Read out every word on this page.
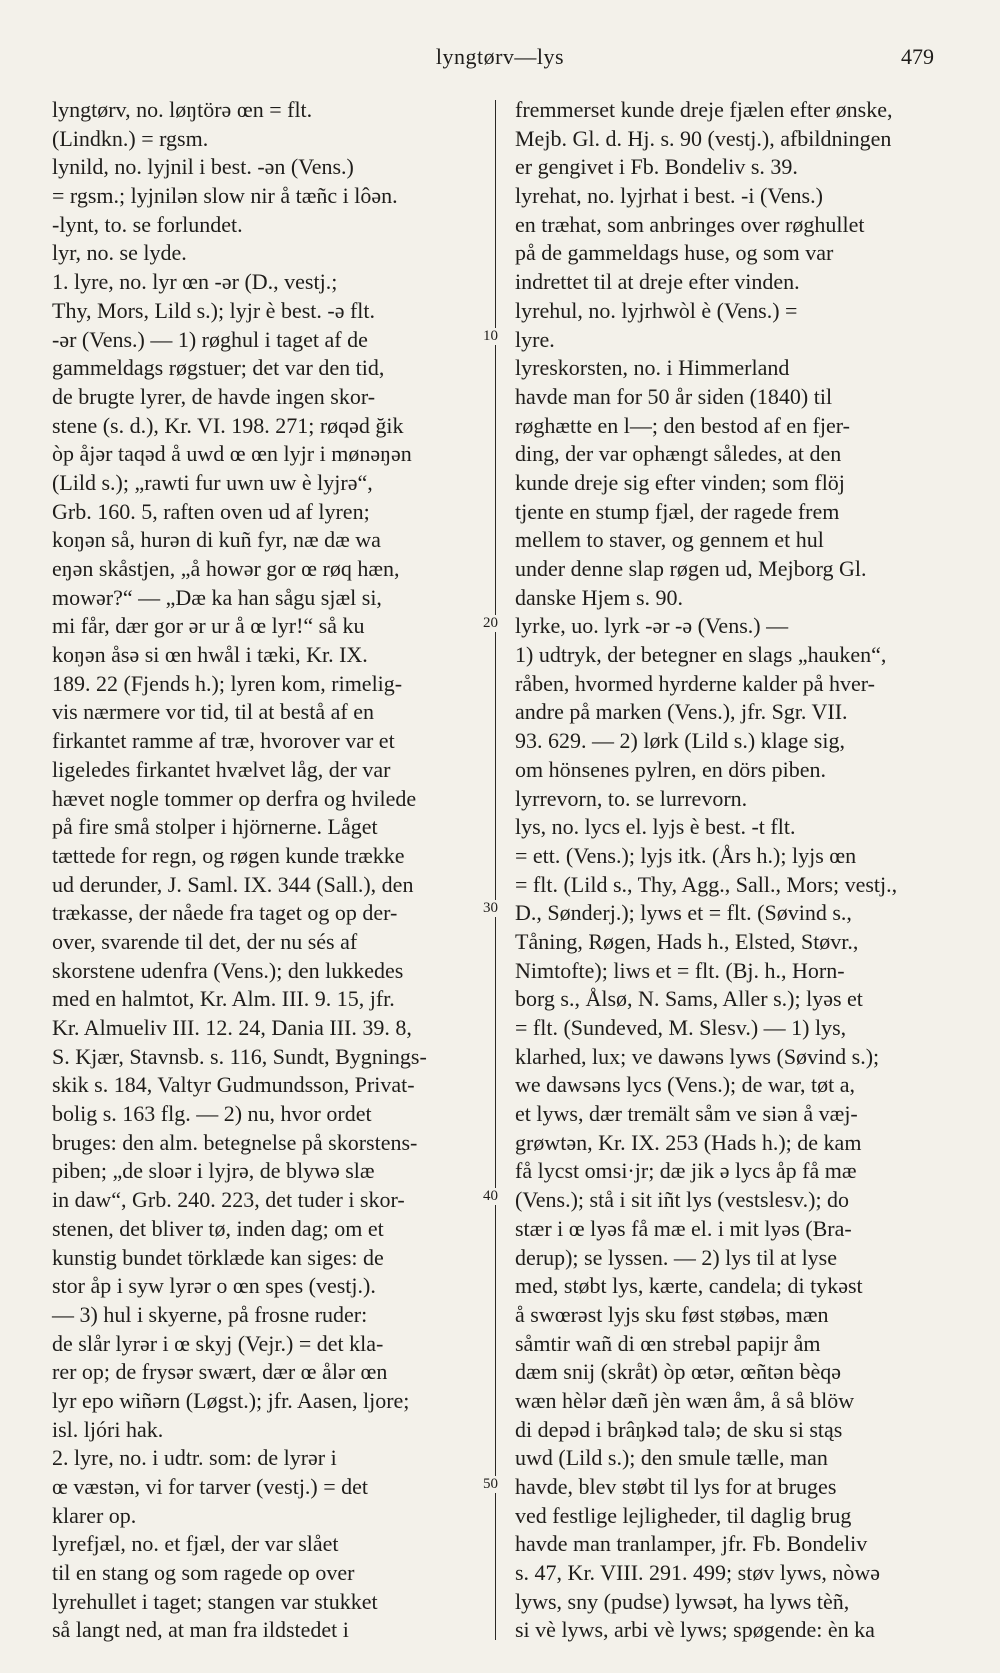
lyngtørv—lys	479
lyngtørv, no. løŋtörə œn = flt.
(Lindkn.) = rgsm.
lynild, no. lyjnil i best. -ən (Vens.)
= rgsm.; lyjnilən slow nir å tæñc i lôən.
-lynt, to. se forlundet.
lyr, no. se lyde.
1. lyre, no. lyr œn -ər (D., vestj.;
Thy, Mors, Lild s.); lyjr è best. -ə flt.
-ər (Vens.) — 1) røghul i taget af de
gammeldags røgstuer; det var den tid,
de brugte lyrer, de havde ingen skor-
stene (s. d.), Kr. VI. 198. 271; røqəd ğik
òp åjər taqəd å uwd œ œn lyjr i mønəŋən
(Lild s.); „rawti fur uwn uw è lyjrə“,
Grb. 160. 5, raften oven ud af lyren;
koŋən så, hurən di kuñ fyr, næ dæ wa
eŋən skåstjen, „å howər gor œ røq hæn,
mowər?“ — „Dæ ka han sågu sjæl si,
mi får, dær gor ər ur å œ lyr!“ så ku
koŋən åsə si œn hwål i tæki, Kr. IX.
189. 22 (Fjends h.); lyren kom, rimelig-
vis nærmere vor tid, til at bestå af en
firkantet ramme af træ, hvorover var et
ligeledes firkantet hvælvet låg, der var
hævet nogle tommer op derfra og hvilede
på fire små stolper i hjörnerne. Låget
tættede for regn, og røgen kunde trække
ud derunder, J. Saml. IX. 344 (Sall.), den
trækasse, der nåede fra taget og op der-
over, svarende til det, der nu sés af
skorstene udenfra (Vens.); den lukkedes
med en halmtot, Kr. Alm. III. 9. 15, jfr.
Kr. Almueliv III. 12. 24, Dania III. 39. 8,
S. Kjær, Stavnsb. s. 116, Sundt, Bygnings-
skik s. 184, Valtyr Gudmundsson, Privat-
bolig s. 163 flg. — 2) nu, hvor ordet
bruges: den alm. betegnelse på skorstens-
piben; „de sloər i lyjrə, de blywə slæ
in daw“, Grb. 240. 223, det tuder i skor-
stenen, det bliver tø, inden dag; om et
kunstig bundet törklæde kan siges: de
stor åp i syw lyrər o œn spes (vestj.).
— 3) hul i skyerne, på frosne ruder:
de slår lyrər i œ skyj (Vejr.) = det kla-
rer op; de frysər swært, dær œ ålər œn
lyr epo wiñərn (Løgst.); jfr. Aasen, ljore;
isl. ljóri hak.
2. lyre, no. i udtr. som: de lyrər i
œ væstən, vi for tarver (vestj.) = det
klarer op.
lyrefjæl, no. et fjæl, der var slået
til en stang og som ragede op over
lyrehullet i taget; stangen var stukket
så langt ned, at man fra ildstedet i
fremmerset kunde dreje fjælen efter ønske,
Mejb. Gl. d. Hj. s. 90 (vestj.), afbildningen
er gengivet i Fb. Bondeliv s. 39.
lyrehat, no. lyjrhat i best. -i (Vens.)
en træhat, som anbringes over røghullet
på de gammeldags huse, og som var
indrettet til at dreje efter vinden.
lyrehul, no. lyjrhwòl è (Vens.) =
lyre.
lyreskorsten, no. i Himmerland
havde man for 50 år siden (1840) til
røghætte en l—; den bestod af en fjer-
ding, der var ophængt således, at den
kunde dreje sig efter vinden; som flöj
tjente en stump fjæl, der ragede frem
mellem to staver, og gennem et hul
under denne slap røgen ud, Mejborg Gl.
danske Hjem s. 90.
lyrke, uo. lyrk -ər -ə (Vens.) —
1) udtryk, der betegner en slags „hauken“,
råben, hvormed hyrderne kalder på hver-
andre på marken (Vens.), jfr. Sgr. VII.
93. 629. — 2) lørk (Lild s.) klage sig,
om hönsenes pylren, en dörs piben.
lyrrevorn, to. se lurrevorn.
lys, no. lycs el. lyjs è best. -t flt.
= ett. (Vens.); lyjs itk. (Års h.); lyjs œn
= flt. (Lild s., Thy, Agg., Sall., Mors; vestj.,
D., Sønderj.); lyws et = flt. (Søvind s.,
Tåning, Røgen, Hads h., Elsted, Støvr.,
Nimtofte); liws et = flt. (Bj. h., Horn-
borg s., Ålsø, N. Sams, Aller s.); lyəs et
= flt. (Sundeved, M. Slesv.) — 1) lys,
klarhed, lux; ve dawəns lyws (Søvind s.);
we dawsəns lycs (Vens.); de war, tøt a,
et lyws, dær tremält såm ve siən å væj-
grøwtən, Kr. IX. 253 (Hads h.); de kam
få lycst omsi·jr; dæ jik ə lycs åp få mæ
(Vens.); stå i sit iñt lys (vestslesv.); do
stær i œ lyəs få mæ el. i mit lyəs (Bra-
derup); se lyssen. — 2) lys til at lyse
med, støbt lys, kærte, candela; di tykəst
å swœrəst lyjs sku føst støbəs, mæn
såmtir wañ di œn strebəl papijr åm
dæm snij (skråt) òp œtər, œñtən bèqə
wæn hèlər dæñ jèn wæn åm, å så blöw
di depəd i brâŋkəd talə; de sku si stąs
uwd (Lild s.); den smule tælle, man
havde, blev støbt til lys for at bruges
ved festlige lejligheder, til daglig brug
havde man tranlamper, jfr. Fb. Bondeliv
s. 47, Kr. VIII. 291. 499; støv lyws, nòwə
lyws, sny (pudse) lywsət, ha lyws tèñ,
si vè lyws, arbi vè lyws; spøgende: èn ka
10
20
30
40
50
